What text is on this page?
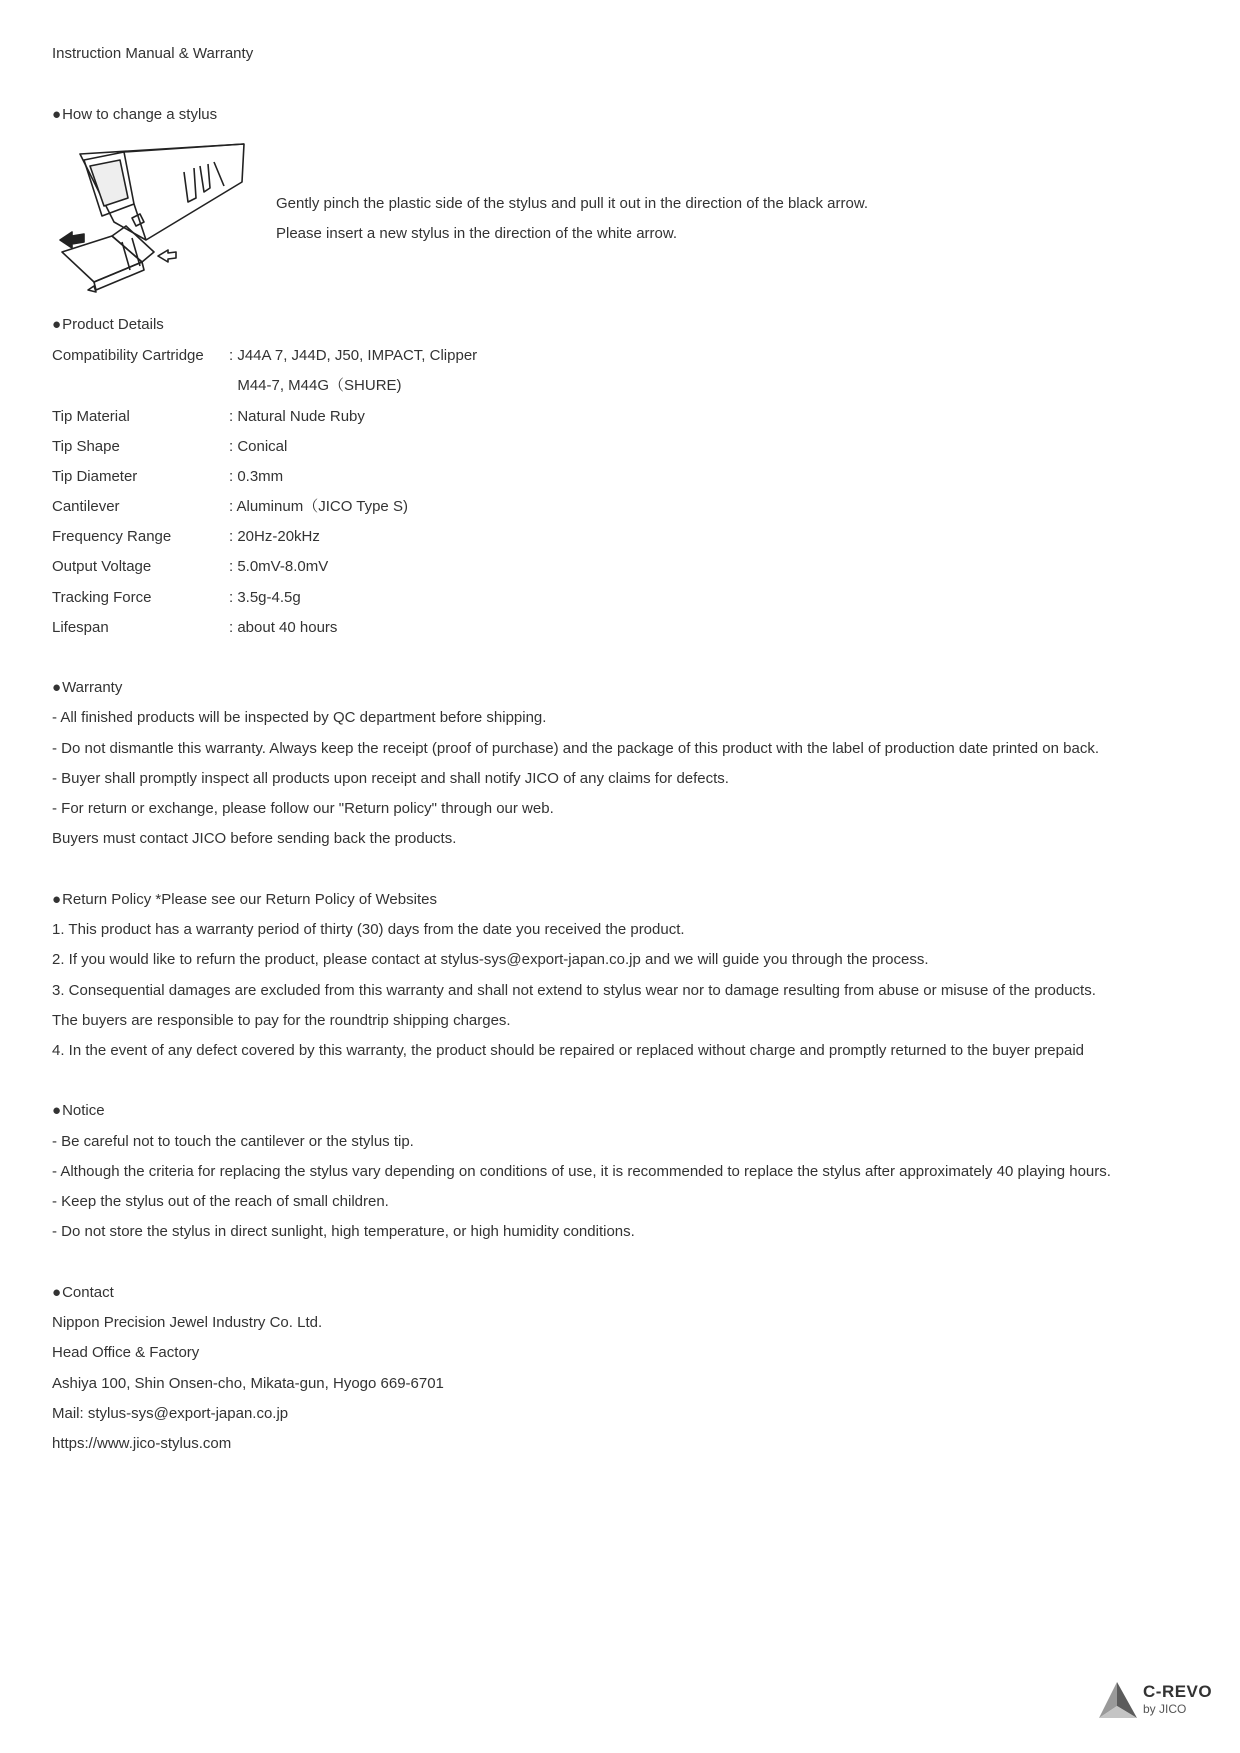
Instruction Manual & Warranty
●How to change a stylus
Gently pinch the plastic side of the stylus and pull it out in the direction of the black arrow.
Please insert a new stylus in the direction of the white arrow.
●Product Details
Compatibility Cartridge	: J44A 7, J44D, J50, IMPACT, Clipper
M44-7, M44G（SHURE)
Tip Material	: Natural Nude Ruby
Tip Shape	: Conical
Tip Diameter	: 0.3mm
Cantilever	: Aluminum（JICO Type S)
Frequency Range	: 20Hz-20kHz
Output Voltage	: 5.0mV-8.0mV
Tracking Force	: 3.5g-4.5g
Lifespan	: about 40 hours
●Warranty
- All finished products will be inspected by QC department before shipping.
- Do not dismantle this warranty. Always keep the receipt (proof of purchase) and the package of this product with the label of production date printed on back.
- Buyer shall promptly inspect all products upon receipt and shall notify JICO of any claims for defects.
- For return or exchange, please follow our "Return policy" through our web.
Buyers must contact JICO before sending back the products.
●Return Policy *Please see our Return Policy of Websites
1. This product has a warranty period of thirty (30) days from the date you received the product.
2. If you would like to refurn the product, please contact at stylus-sys@export-japan.co.jp and we will guide you through the process.
3. Consequential damages are excluded from this warranty and shall not extend to stylus wear nor to damage resulting from abuse or misuse of the products.
The buyers are responsible to pay for the roundtrip shipping charges.
4. In the event of any defect covered by this warranty, the product should be repaired or replaced without charge and promptly returned to the buyer prepaid
●Notice
- Be careful not to touch the cantilever or the stylus tip.
- Although the criteria for replacing the stylus vary depending on conditions of use, it is recommended to replace the stylus after approximately 40 playing hours.
- Keep the stylus out of the reach of small children.
- Do not store the stylus in direct sunlight, high temperature, or high humidity conditions.
●Contact
Nippon Precision Jewel Industry Co. Ltd.
Head Office & Factory
Ashiya 100, Shin Onsen-cho, Mikata-gun, Hyogo 669-6701
Mail: stylus-sys@export-japan.co.jp
https://www.jico-stylus.com
C-REVO
by JICO
